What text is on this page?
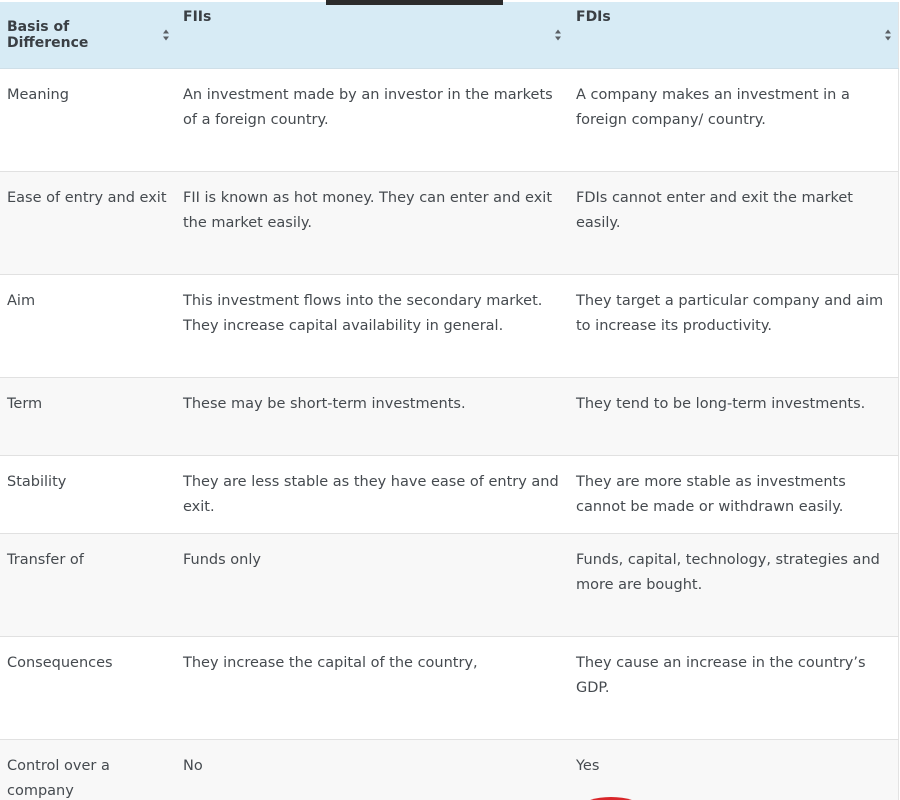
Basis of Difference	FIIs	FDIs

Meaning	An investment made by an investor in the markets of a foreign country.	A company makes an investment in a foreign company/ country.
Ease of entry and exit	FII is known as hot money. They can enter and exit the market easily.	FDIs cannot enter and exit the market easily.
Aim	This investment flows into the secondary market. They increase capital availability in general.	They target a particular company and aim to increase its productivity.
Term	These may be short-term investments.	They tend to be long-term investments.
Stability	They are less stable as they have ease of entry and exit.	They are more stable as investments cannot be made or withdrawn easily.
Transfer of	Funds only	Funds, capital, technology, strategies and more are bought.
Consequences	They increase the capital of the country,	They cause an increase in the country’s GDP.
Control over a company	No	Yes
